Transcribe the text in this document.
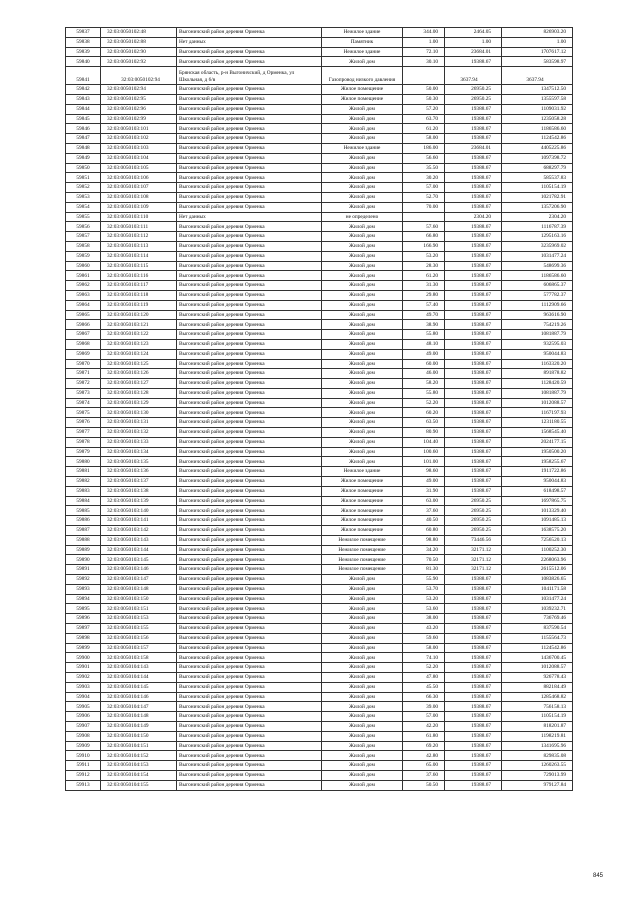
59837	32:03:0050102:48	Выгоничский район деревня Орменка	Нежилое здание	344.00	2464.05	826903.20
59838	32:03:0050102:88	Нет данных	Памятник	1.00	1.00	1.00
59839	32:03:0050102:90	Выгоничский район деревня Орменка	Нежилое здание	72.10	23684.01	1707617.12
59840	32:03:0050102:92	Выгоничский район деревня Орменка	Жилой дом	30.10	19388.67	583598.97
59841	32:03:0050102:94	Брянская область, р-н Выгоничский, д Орменка, ул Школьная, д 6/в	Газопровод низкого давления		3637.94	3637.94
59842	32:03:0050102:94	Выгоничский район деревня Орменка	Жилое помещение	50.00	26950.25	1347512.50
59843	32:03:0050102:95	Выгоничский район деревня Орменка	Жилое помещение	50.30	26950.25	1355597.58
59844	32:03:0050102:96	Выгоничский район деревня Орменка	Жилой дом	57.20	19388.67	1109031.92
59845	32:03:0050102:99	Выгоничский район деревня Орменка	Жилой дом	63.70	19388.67	1235058.28
59846	32:03:0050103:101	Выгоничский район деревня Орменка	Жилой дом	61.20	19388.67	1186586.60
59847	32:03:0050103:102	Выгоничский район деревня Орменка	Жилой дом	58.00	19388.67	1124542.86
59848	32:03:0050103:103	Выгоничский район деревня Орменка	Нежилое здание	186.00	23684.01	4405225.86
59849	32:03:0050103:104	Выгоничский район деревня Орменка	Жилой дом	56.60	19388.67	1097398.72
59850	32:03:0050103:105	Выгоничский район деревня Орменка	Жилой дом	35.50	19388.67	688297.79
59851	32:03:0050103:106	Выгоничский район деревня Орменка	Жилой дом	30.20	19388.67	585537.83
59852	32:03:0050103:107	Выгоничский район деревня Орменка	Жилой дом	57.00	19388.67	1105154.19
59853	32:03:0050103:108	Выгоничский район деревня Орменка	Жилой дом	52.70	19388.67	1021782.91
59854	32:03:0050103:109	Выгоничский район деревня Орменка	Жилой дом	70.00	19388.67	1357206.90
59855	32:03:0050103:110	Нет данных	не определено		2304.20	2304.20
59856	32:03:0050103:111	Выгоничский район деревня Орменка	Жилой дом	57.60	19388.67	1116787.39
59857	32:03:0050103:112	Выгоничский район деревня Орменка	Жилой дом	66.80	19388.67	1295163.16
59858	32:03:0050103:113	Выгоничский район деревня Орменка	Жилой дом	166.90	19388.67	3235969.02
59859	32:03:0050103:114	Выгоничский район деревня Орменка	Жилой дом	53.20	19388.67	1031477.24
59860	32:03:0050103:115	Выгоничский район деревня Орменка	Жилой дом	28.30	19388.67	548699.36
59861	32:03:0050103:116	Выгоничский район деревня Орменка	Жилой дом	61.20	19388.67	1186586.60
59862	32:03:0050103:117	Выгоничский район деревня Орменка	Жилой дом	31.30	19388.67	606865.37
59863	32:03:0050103:118	Выгоничский район деревня Орменка	Жилой дом	29.80	19388.67	577782.37
59864	32:03:0050103:119	Выгоничский район деревня Орменка	Жилой дом	57.40	19388.67	1112909.66
59865	32:03:0050103:120	Выгоничский район деревня Орменка	Жилой дом	49.70	19388.67	963616.90
59866	32:03:0050103:121	Выгоничский район деревня Орменка	Жилой дом	38.90	19388.67	754219.26
59867	32:03:0050103:122	Выгоничский район деревня Орменка	Жилой дом	55.80	19388.67	1081887.79
59868	32:03:0050103:123	Выгоничский район деревня Орменка	Жилой дом	48.10	19388.67	932595.03
59869	32:03:0050103:124	Выгоничский район деревня Орменка	Жилой дом	49.00	19388.67	950044.83
59870	32:03:0050103:125	Выгоничский район деревня Орменка	Жилой дом	60.00	19388.67	1163320.20
59871	32:03:0050103:126	Выгоничский район деревня Орменка	Жилой дом	46.00	19388.67	891878.82
59872	32:03:0050103:127	Выгоничский район деревня Орменка	Жилой дом	58.20	19388.67	1128420.59
59873	32:03:0050103:128	Выгоничский район деревня Орменка	Жилой дом	55.80	19388.67	1081887.79
59874	32:03:0050103:129	Выгоничский район деревня Орменка	Жилой дом	52.20	19388.67	1012088.57
59875	32:03:0050103:130	Выгоничский район деревня Орменка	Жилой дом	60.20	19388.67	1167197.93
59876	32:03:0050103:131	Выгоничский район деревня Орменка	Жилой дом	63.50	19388.67	1231180.55
59877	32:03:0050103:132	Выгоничский район деревня Орменка	Жилой дом	80.90	19388.67	1568545.40
59878	32:03:0050103:133	Выгоничский район деревня Орменка	Жилой дом	104.40	19388.67	2024177.15
59879	32:03:0050103:134	Выгоничский район деревня Орменка	Жилой дом	100.60	19388.67	1950500.20
59880	32:03:0050103:135	Выгоничский район деревня Орменка	Жилой дом	101.00	19388.67	1958255.67
59881	32:03:0050103:136	Выгоничский район деревня Орменка	Нежилое здание	98.60	19388.67	1911722.86
59882	32:03:0050103:137	Выгоничский район деревня Орменка	Жилое помещение	49.00	19388.67	950044.83
59883	32:03:0050103:138	Выгоничский район деревня Орменка	Жилое помещение	31.90	19388.67	618498.57
59884	32:03:0050103:139	Выгоничский район деревня Орменка	Жилое помещение	63.00	26950.25	1697865.75
59885	32:03:0050103:140	Выгоничский район деревня Орменка	Жилое помещение	37.60	26950.25	1013329.40
59886	32:03:0050103:141	Выгоничский район деревня Орменка	Жилое помещение	40.50	26950.25	1091485.13
59887	32:03:0050103:142	Выгоничский район деревня Орменка	Жилое помещение	60.80	26950.25	1638575.20
59888	32:03:0050103:143	Выгоничский район деревня Орменка	Нежилое помещение	98.80	73446.56	7256520.13
59889	32:03:0050103:144	Выгоничский район деревня Орменка	Нежилое помещение	34.20	32171.12	1100252.30
59890	32:03:0050103:145	Выгоничский район деревня Орменка	Нежилое помещение	70.50	32171.12	2268063.96
59891	32:03:0050103:146	Выгоничский район деревня Орменка	Нежилое помещение	81.30	32171.12	2615512.06
59892	32:03:0050103:147	Выгоничский район деревня Орменка	Жилой дом	55.90	19388.67	1083826.65
59893	32:03:0050103:148	Выгоничский район деревня Орменка	Жилой дом	53.70	19388.67	1041171.58
59894	32:03:0050103:150	Выгоничский район деревня Орменка	Жилой дом	53.20	19388.67	1031477.24
59895	32:03:0050103:151	Выгоничский район деревня Орменка	Жилой дом	53.60	19388.67	1039232.71
59896	32:03:0050103:153	Выгоничский район деревня Орменка	Жилой дом	38.00	19388.67	736769.46
59897	32:03:0050103:155	Выгоничский район деревня Орменка	Жилой дом	43.20	19388.67	837590.54
59898	32:03:0050103:156	Выгоничский район деревня Орменка	Жилой дом	59.60	19388.67	1155564.73
59899	32:03:0050103:157	Выгоничский район деревня Орменка	Жилой дом	58.00	19388.67	1124542.86
59900	32:03:0050103:158	Выгоничский район деревня Орменка	Жилой дом	74.10	19388.67	1436700.45
59901	32:03:0050104:143	Выгоничский район деревня Орменка	Жилой дом	52.20	19388.67	1012088.57
59902	32:03:0050104:144	Выгоничский район деревня Орменка	Жилой дом	47.80	19388.67	926778.43
59903	32:03:0050104:145	Выгоничский район деревня Орменка	Жилой дом	45.50	19388.67	882184.49
59904	32:03:0050104:146	Выгоничский район деревня Орменка	Жилой дом	66.30	19388.67	1285468.82
59905	32:03:0050104:147	Выгоничский район деревня Орменка	Жилой дом	39.00	19388.67	756158.13
59906	32:03:0050104:148	Выгоничский район деревня Орменка	Жилой дом	57.00	19388.67	1105154.19
59907	32:03:0050104:149	Выгоничский район деревня Орменка	Жилой дом	42.20	19388.67	818201.87
59908	32:03:0050104:150	Выгоничский район деревня Орменка	Жилой дом	61.80	19388.67	1198219.81
59909	32:03:0050104:151	Выгоничский район деревня Орменка	Жилой дом	69.20	19388.67	1341695.96
59910	32:03:0050104:152	Выгоничский район деревня Орменка	Жилой дом	42.80	19388.67	829835.08
59911	32:03:0050104:153	Выгоничский район деревня Орменка	Жилой дом	65.00	19388.67	1260263.55
59912	32:03:0050104:154	Выгоничский район деревня Орменка	Жилой дом	37.60	19388.67	729013.99
59913	32:03:0050104:155	Выгоничский район деревня Орменка	Жилой дом	50.50	19388.67	979127.84
845
